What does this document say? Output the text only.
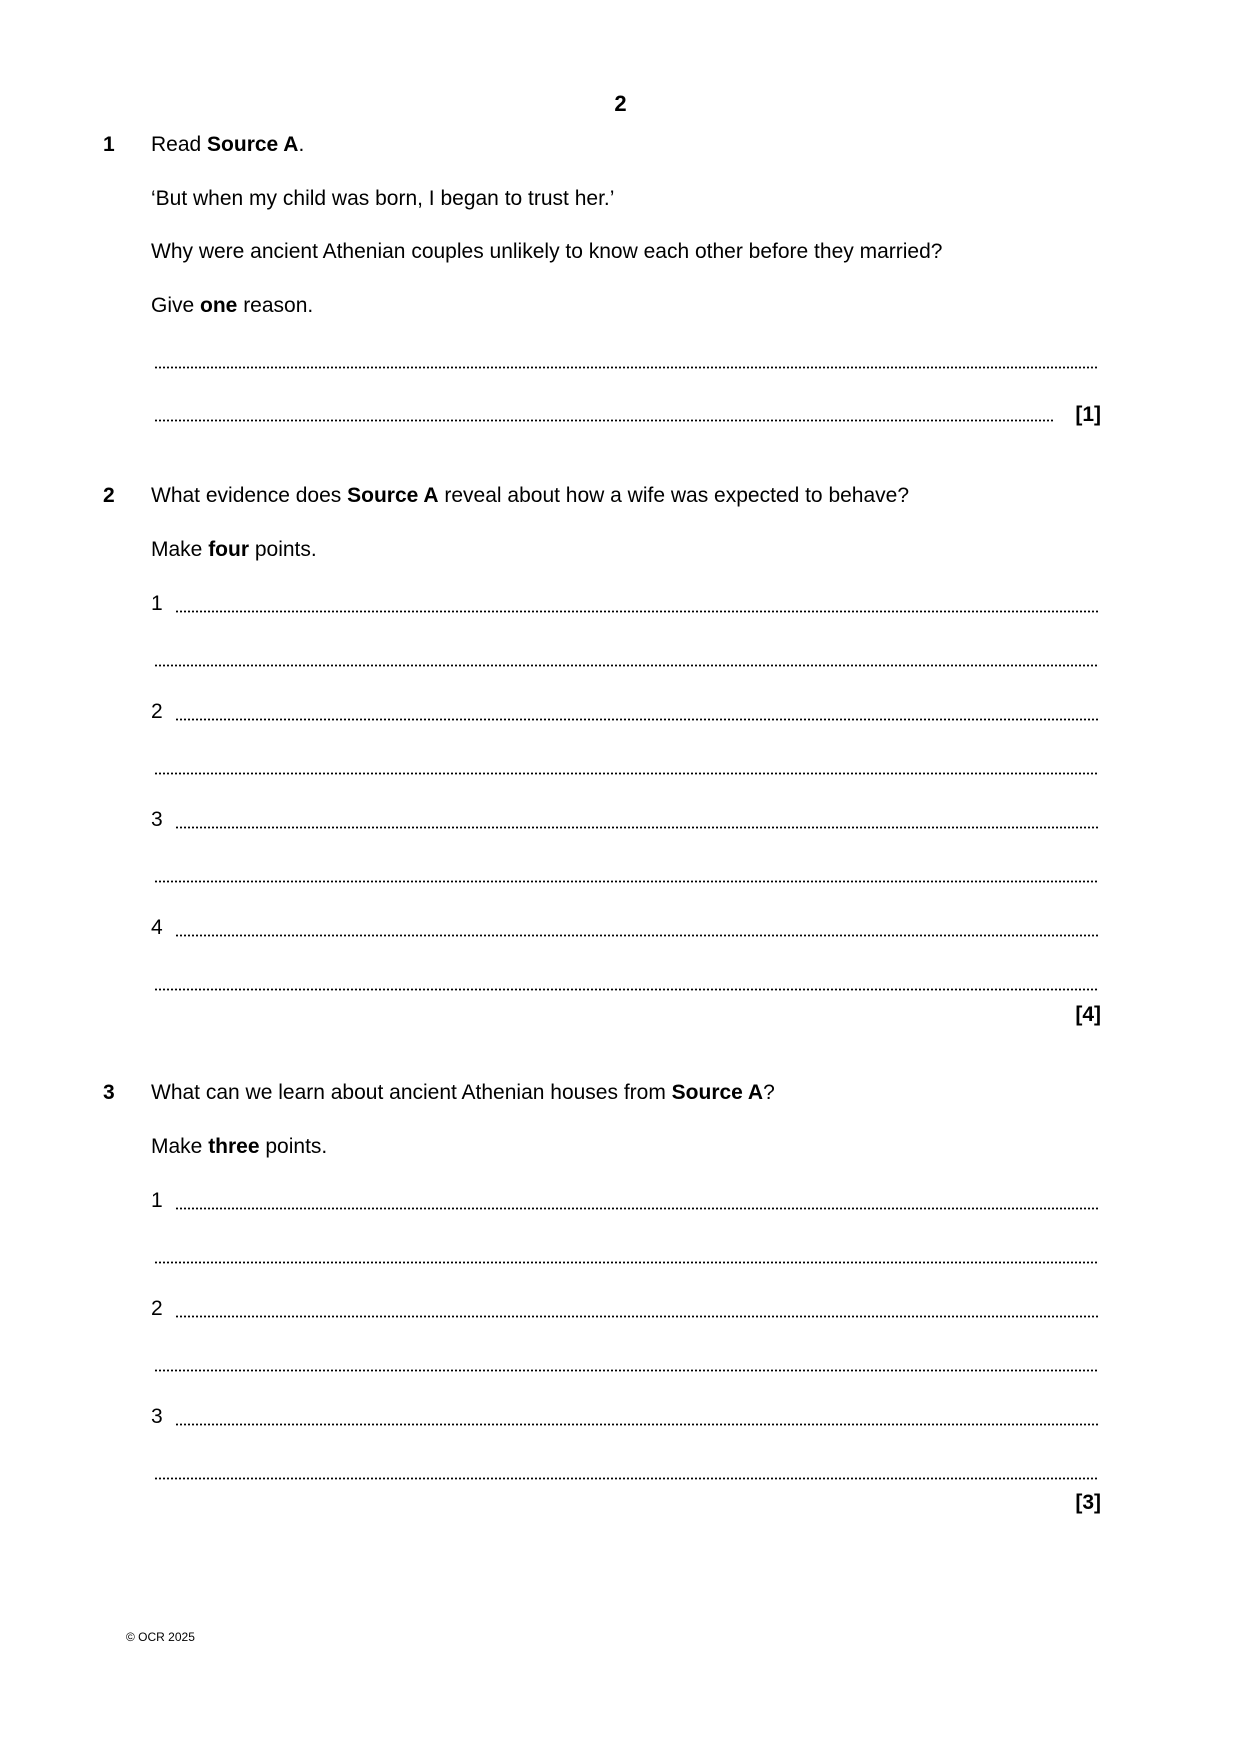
2
1 Read Source A.
‘But when my child was born, I began to trust her.’
Why were ancient Athenian couples unlikely to know each other before they married?
Give one reason.
[1]
2 What evidence does Source A reveal about how a wife was expected to behave?
Make four points.
1
2
3
4
[4]
3 What can we learn about ancient Athenian houses from Source A?
Make three points.
1
2
3
[3]
© OCR 2025
